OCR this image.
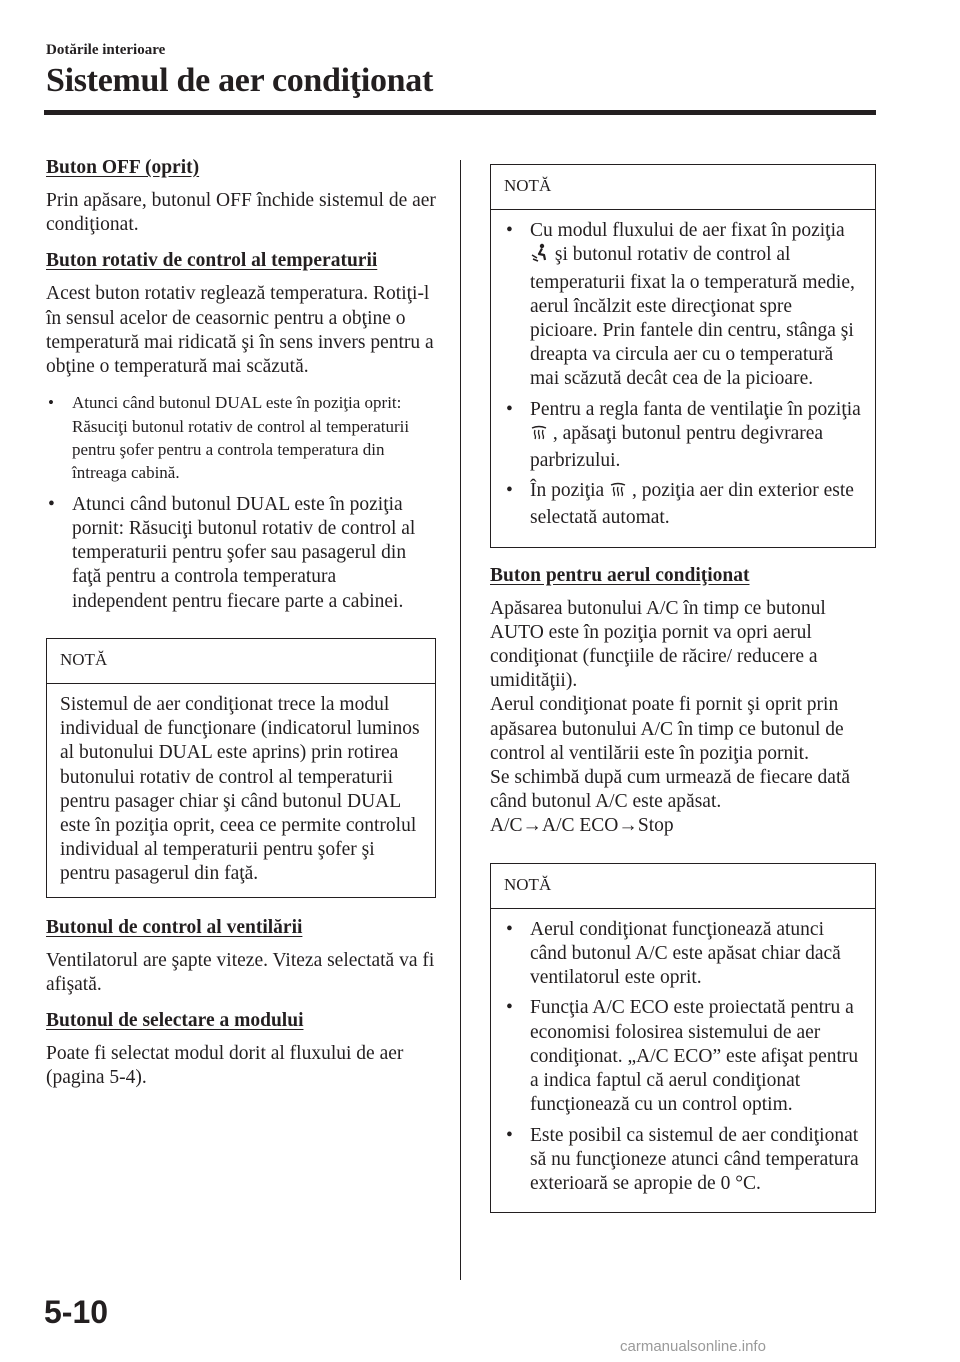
Dotările interioare
Sistemul de aer condiţionat
Buton OFF (oprit)

Prin apăsare, butonul OFF închide sistemul de aer condiţionat.

Buton rotativ de control al temperaturii

Acest buton rotativ reglează temperatura. Rotiţi-l în sensul acelor de ceasornic pentru a obţine o temperatură mai ridicată şi în sens invers pentru a obţine o temperatură mai scăzută.

• Atunci când butonul DUAL este în poziţia oprit: Răsuciţi butonul rotativ de control al temperaturii pentru şofer pentru a controla temperatura din întreaga cabină.
• Atunci când butonul DUAL este în poziţia pornit: Răsuciţi butonul rotativ de control al temperaturii pentru şofer sau pasagerul din faţă pentru a controla temperatura independent pentru fiecare parte a cabinei.
NOTĂ

Sistemul de aer condiţionat trece la modul individual de funcţionare (indicatorul luminos al butonului DUAL este aprins) prin rotirea butonului rotativ de control al temperaturii pentru pasager chiar şi când butonul DUAL este în poziţia oprit, ceea ce permite controlul individual al temperaturii pentru şofer şi pentru pasagerul din faţă.

Butonul de control al ventilării

Ventilatorul are şapte viteze. Viteza selectată va fi afişată.

Butonul de selectare a modului

Poate fi selectat modul dorit al fluxului de aer (pagina 5-4).

NOTĂ
• Cu modul fluxului de aer fixat în poziţia  şi butonul rotativ de control al temperaturii fixat la o temperatură medie, aerul încălzit este direcţionat spre picioare. Prin fantele din centru, stânga şi dreapta va circula aer cu o temperatură mai scăzută decât cea de la picioare.
• Pentru a regla fanta de ventilaţie în poziţia  , apăsaţi butonul pentru degivrarea parbrizului.
• În poziţia , poziţia aer din exterior este selectată automat.
Buton pentru aerul condiţionat
Apăsarea butonului A/C în timp ce butonul AUTO este în poziţia pornit va opri aerul condiţionat (funcţiile de răcire/ reducere a umidităţii).
Aerul condiţionat poate fi pornit şi oprit prin apăsarea butonului A/C în timp ce butonul de control al ventilării este în poziţia pornit.
Se schimbă după cum urmează de fiecare dată când butonul A/C este apăsat.
A/C→A/C ECO→Stop
NOTĂ
• Aerul condiţionat funcţionează atunci când butonul A/C este apăsat chiar dacă ventilatorul este oprit.
• Funcţia A/C ECO este proiectată pentru a economisi folosirea sistemului de aer condiţionat. „A/C ECO” este afişat pentru a indica faptul că aerul condiţionat funcţionează cu un control optim.
• Este posibil ca sistemul de aer condiţionat să nu funcţioneze atunci când temperatura exterioară se apropie de 0 °C.
5-10
carmanualsonline.info
